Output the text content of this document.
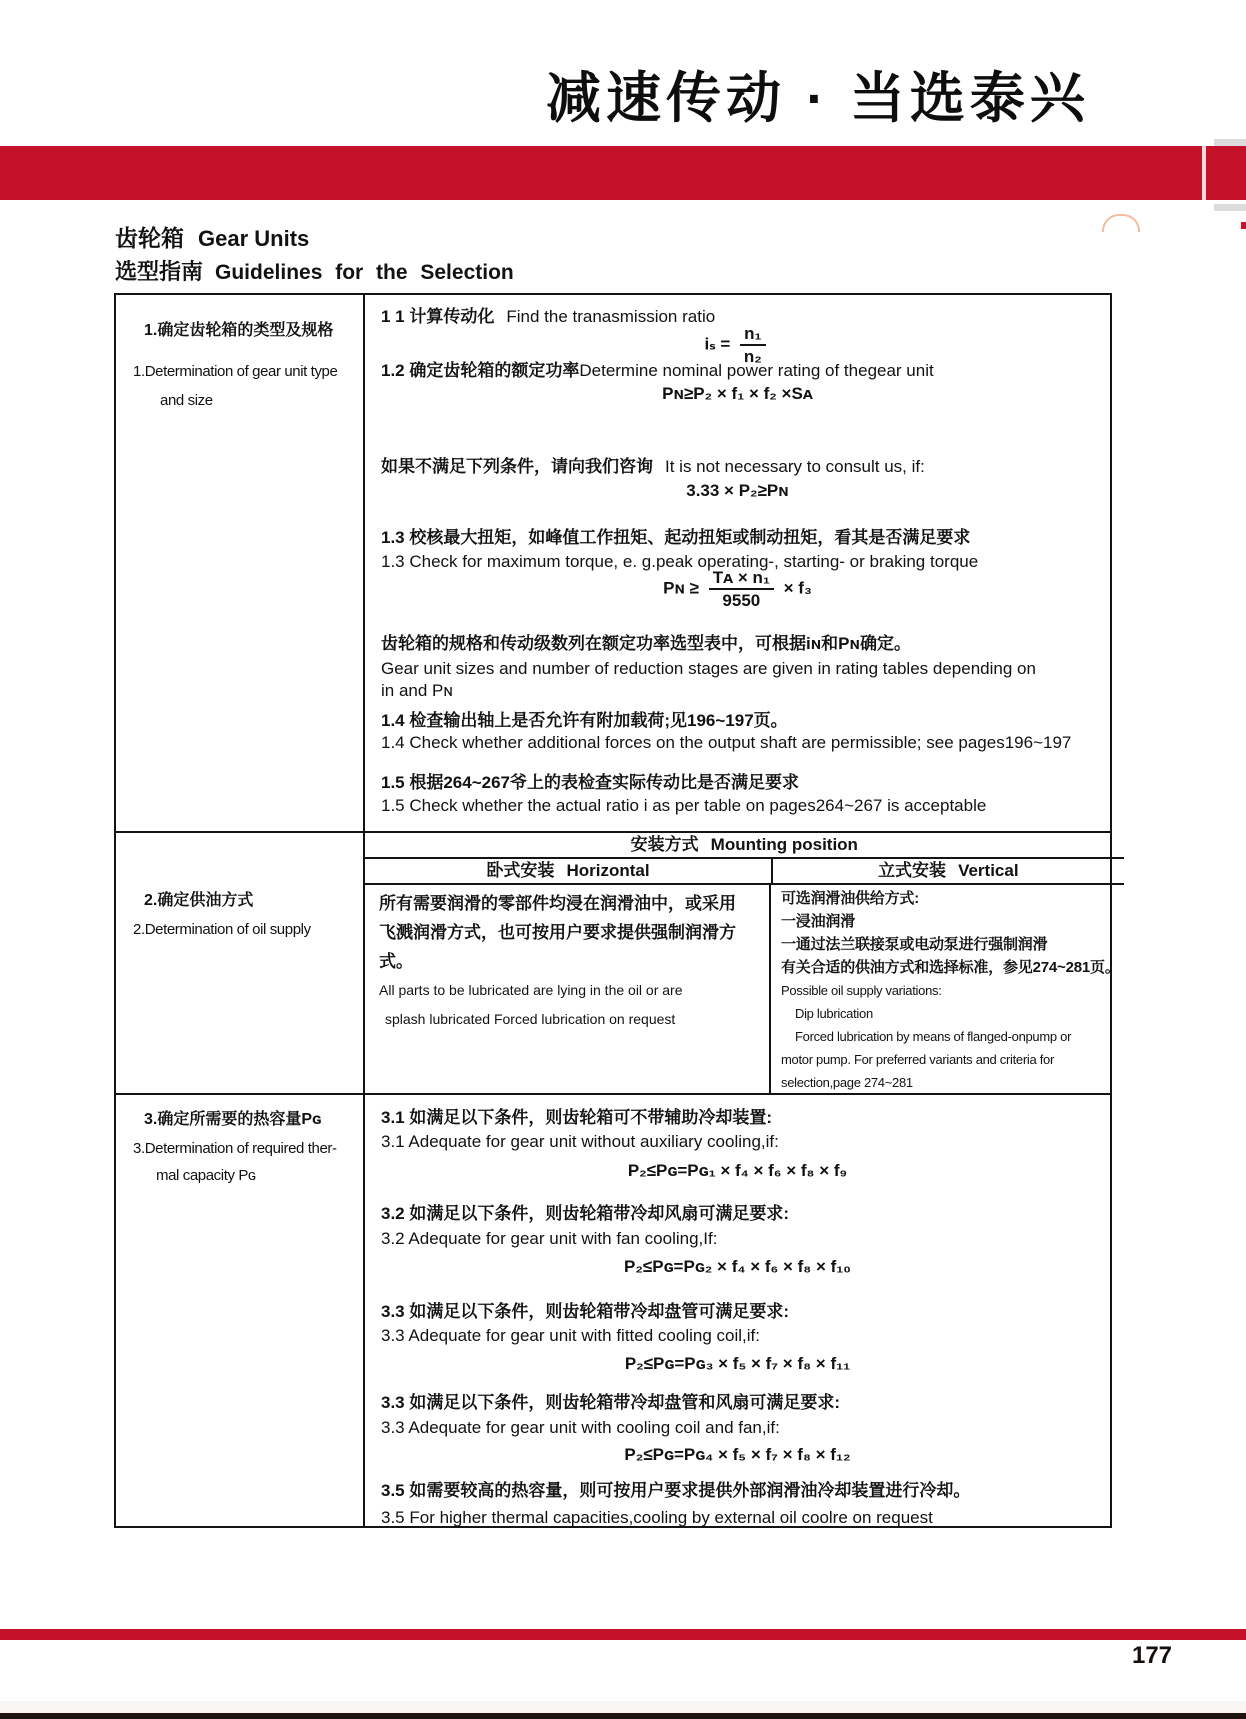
减速传动 · 当选泰兴
齿轮箱 Gear Units
选型指南 Guidelines for the Selection

1.确定齿轮箱的类型及规格

1.Determination of gear unit type

and size

1 1 计算传动化 Find the tranasmission ratio

$i_s = \frac{\text{n₁}}{\text{n₂}}$

1.2 确定齿轮箱的额定功率Determine nominal power rating of thegear unit

Pɴ≥P₂ × f₁ × f₂ ×Sᴀ

如果不满足下列条件，请向我们咨询 It is not necessary to consult us, if:

3.33 × P₂≥Pɴ

1.3 校核最大扭矩，如峰值工作扭矩、起动扭矩或制动扭矩，看其是否满足要求

1.3 Check for maximum torque, e. g.peak operating-, starting- or braking torque

Pɴ ≥ $\frac{\text{Tᴀ × n₁}}{9550} \times f_3$

齿轮箱的规格和传动级数列在额定功率选型表中，可根据iɴ和Pɴ确定。

Gear unit sizes and number of reduction stages are given in rating tables depending on

in and Pɴ

1.4 检查输出轴上是否允许有附加载荷;见196~197页。

1.4 Check whether additional forces on the output shaft are permissible; see pages196~197

1.5 根据264~267爷上的表检查实际传动比是否满足要求

1.5 Check whether the actual ratio i as per table on pages264~267 is acceptable

2.确定供油方式

2.Determination of oil supply

安装方式 Mounting position
卧式安装 Horizontal	立式安装 Vertical

所有需要润滑的零部件均浸在润滑油中，或采用

飞溅润滑方式，也可按用户要求提供强制润滑方

式。

All parts to be lubricated are lying in the oil or are

splash lubricated Forced lubrication on request

可选润滑油供给方式:

一浸油润滑

一通过法兰联接泵或电动泵进行强制润滑

有关合适的供油方式和选择标准，参见274~281页。

Possible oil supply variations:

Dip lubrication

Forced lubrication by means of flanged-onpump or

motor pump. For preferred variants and criteria for

selection,page 274~281

3.确定所需要的热容量Pɢ

3.Determination of required ther-

mal capacity Pɢ

3.1 如满足以下条件，则齿轮箱可不带辅助冷却装置:

3.1 Adequate for gear unit without auxiliary cooling,if:

P₂≤Pɢ=Pɢ₁ × f₄ × f₆ × f₈ × f₉

3.2 如满足以下条件，则齿轮箱带冷却风扇可满足要求:

3.2 Adequate for gear unit with fan cooling,If:

P₂≤Pɢ=Pɢ₂ × f₄ × f₆ × f₈ × f₁₀

3.3 如满足以下条件，则齿轮箱带冷却盘管可满足要求:

3.3 Adequate for gear unit with fitted cooling coil,if:

P₂≤Pɢ=Pɢ₃ × f₅ × f₇ × f₈ × f₁₁

3.3 如满足以下条件，则齿轮箱带冷却盘管和风扇可满足要求:

3.3 Adequate for gear unit with cooling coil and fan,if:

P₂≤Pɢ=Pɢ₄ × f₅ × f₇ × f₈ × f₁₂

3.5 如需要较高的热容量，则可按用户要求提供外部润滑油冷却装置进行冷却。

3.5 For higher thermal capacities,cooling by external oil coolre on request

177
